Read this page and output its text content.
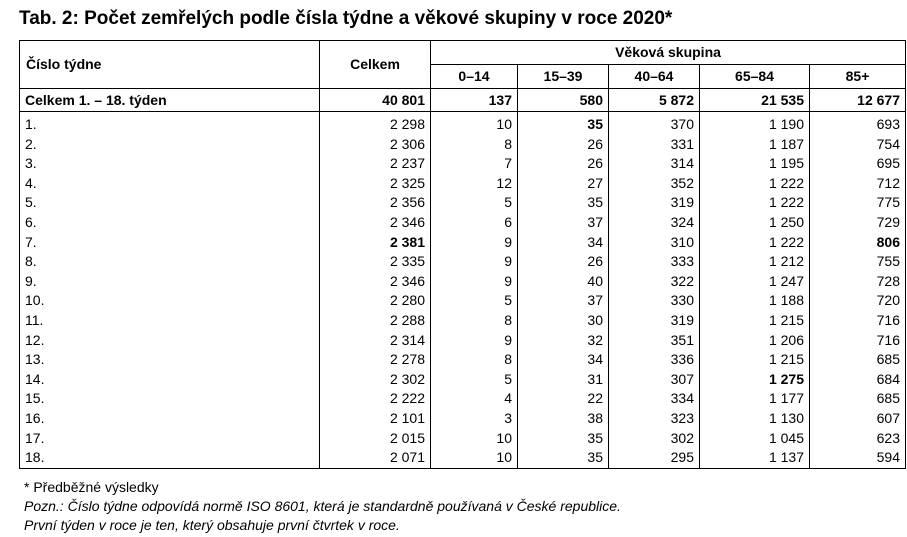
Tab. 2: Počet zemřelých podle čísla týdne a věkové skupiny v roce 2020*
Číslo týdne	Celkem	Věková skupina				
		0–14	15–39	40–64	65–84	85+
Celkem 1. – 18. týden	40 801	137	580	5 872	21 535	12 677

1.	2 298	10	35	370	1 190	693
2.	2 306	8	26	331	1 187	754
3.	2 237	7	26	314	1 195	695
4.	2 325	12	27	352	1 222	712
5.	2 356	5	35	319	1 222	775
6.	2 346	6	37	324	1 250	729
7.	2 381	9	34	310	1 222	806
8.	2 335	9	26	333	1 212	755
9.	2 346	9	40	322	1 247	728
10.	2 280	5	37	330	1 188	720
11.	2 288	8	30	319	1 215	716
12.	2 314	9	32	351	1 206	716
13.	2 278	8	34	336	1 215	685
14.	2 302	5	31	307	1 275	684
15.	2 222	4	22	334	1 177	685
16.	2 101	3	38	323	1 130	607
17.	2 015	10	35	302	1 045	623
18.	2 071	10	35	295	1 137	594
* Předběžné výsledky
Pozn.: Číslo týdne odpovídá normě ISO 8601, která je standardně používaná v České republice.
První týden v roce je ten, který obsahuje první čtvrtek v roce.
